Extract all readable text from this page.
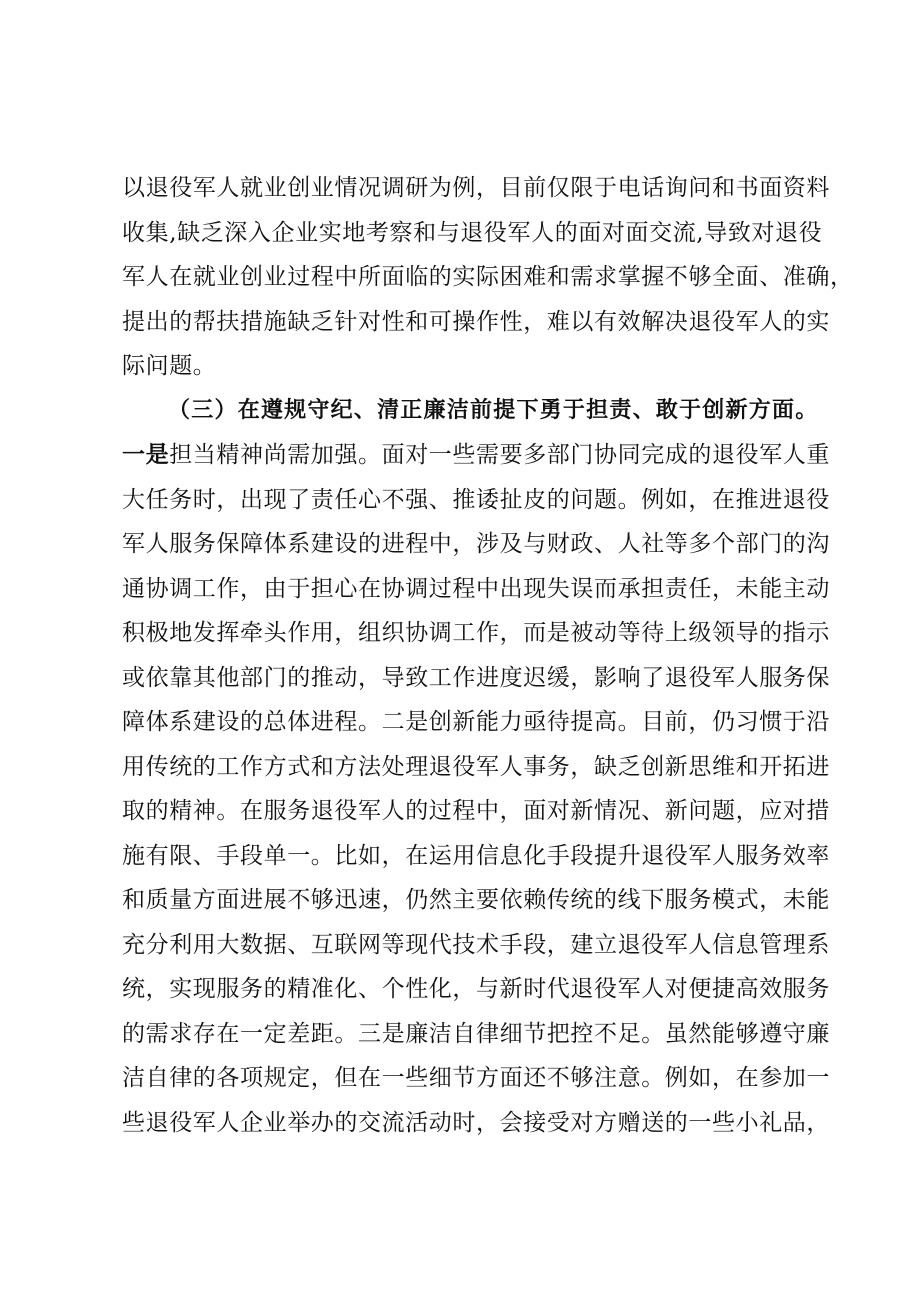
以退役军人就业创业情况调研为例，目前仅限于电话询问和书面资料
收集,缺乏深入企业实地考察和与退役军人的面对面交流,导致对退役
军人在就业创业过程中所面临的实际困难和需求掌握不够全面、准确，
提出的帮扶措施缺乏针对性和可操作性，难以有效解决退役军人的实
际问题。
（三）在遵规守纪、清正廉洁前提下勇于担责、敢于创新方面。
一是担当精神尚需加强。面对一些需要多部门协同完成的退役军人重
大任务时，出现了责任心不强、推诿扯皮的问题。例如，在推进退役
军人服务保障体系建设的进程中，涉及与财政、人社等多个部门的沟
通协调工作，由于担心在协调过程中出现失误而承担责任，未能主动
积极地发挥牵头作用，组织协调工作，而是被动等待上级领导的指示
或依靠其他部门的推动，导致工作进度迟缓，影响了退役军人服务保
障体系建设的总体进程。二是创新能力亟待提高。目前，仍习惯于沿
用传统的工作方式和方法处理退役军人事务，缺乏创新思维和开拓进
取的精神。在服务退役军人的过程中，面对新情况、新问题，应对措
施有限、手段单一。比如，在运用信息化手段提升退役军人服务效率
和质量方面进展不够迅速，仍然主要依赖传统的线下服务模式，未能
充分利用大数据、互联网等现代技术手段，建立退役军人信息管理系
统，实现服务的精准化、个性化，与新时代退役军人对便捷高效服务
的需求存在一定差距。三是廉洁自律细节把控不足。虽然能够遵守廉
洁自律的各项规定，但在一些细节方面还不够注意。例如，在参加一
些退役军人企业举办的交流活动时，会接受对方赠送的一些小礼品，
